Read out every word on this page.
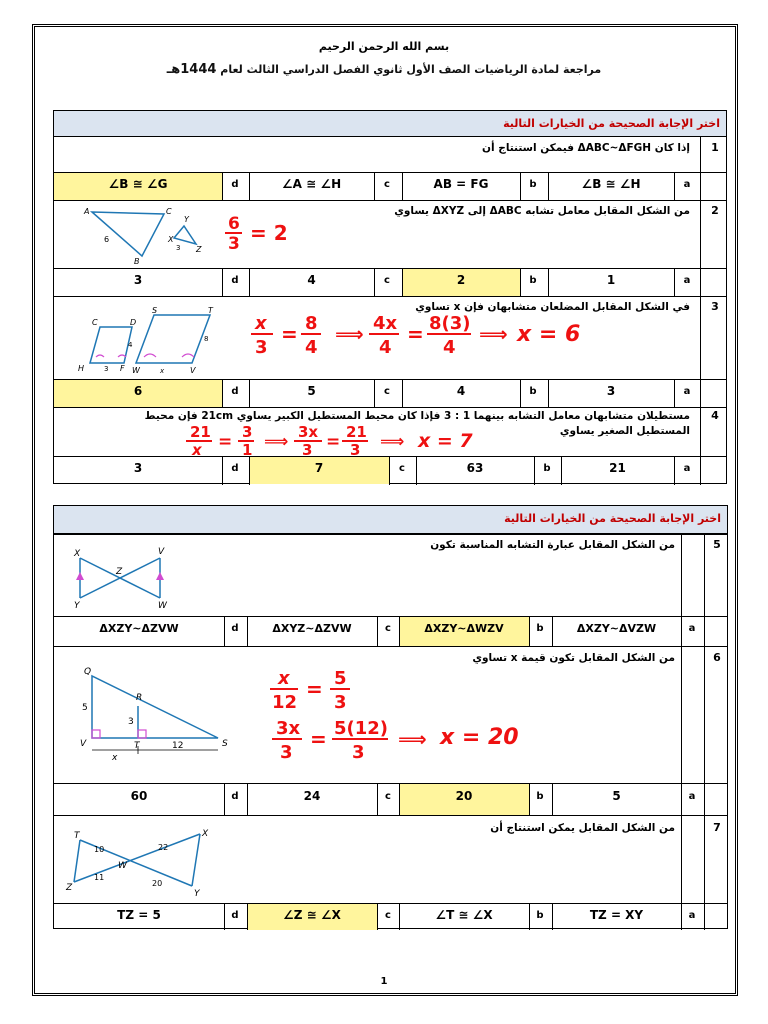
بسم الله الرحمن الرحيم
مراجعة لمادة الرياضيات الصف الأول ثانوي الفصل الدراسي الثالث لعام 1444هـ
اختر الإجابة الصحيحة من الخيارات التالية
1
إذا كان ΔABC~ΔFGH فيمكن استنتاج أن
a
∠B ≅ ∠H
b
AB = FG
c
∠A ≅ ∠H
d
∠B ≅ ∠G
2
من الشكل المقابل معامل تشابه ΔABC إلى ΔXYZ يساوي
A	C
B
6	X
Y
Z
3
6
3 = 2
a
1
b
2
c
4
d
3
3
في الشكل المقابل المضلعان متشابهان فإن x تساوي
C	D
H	F
3
4
S	T
W	V
x
8
x
3
= 8
4
⟹ 4x
4
= 8(3)
4
⟹ x = 6
a
3
b
4
c
5
d
6
4
مستطيلان متشابهان معامل التشابه بينهما 1 : 3 فإذا كان محيط المستطيل الكبير يساوي 21cm فإن محيط المستطيل الصغير يساوي
21
x = 3
1 ⟹ 3x
3 = 21
3 ⟹ x = 7
a
21
b
63
c
7
d
3
اختر الإجابة الصحيحة من الخيارات التالية
5
من الشكل المقابل عبارة التشابه المناسبة تكون
X	V
Z
Y	W
a
ΔXZY~ΔVZW
b
ΔXZY~ΔWZV
c
ΔXYZ~ΔZVW
d
ΔXZY~ΔZVW
6
من الشكل المقابل تكون قيمة x تساوي
Q
R
V	T	S
5
3
12
x
x
12
= 5
3
3x
3
= 5(12)
3
⟹ x = 20
a
5
b
20
c
24
d
60
7
من الشكل المقابل يمكن استنتاج أن
T	X
W
Z
Y
10	22
11
20
a
TZ = XY
b
∠T ≅ ∠X
c
∠Z ≅ ∠X
d
TZ = 5
1
